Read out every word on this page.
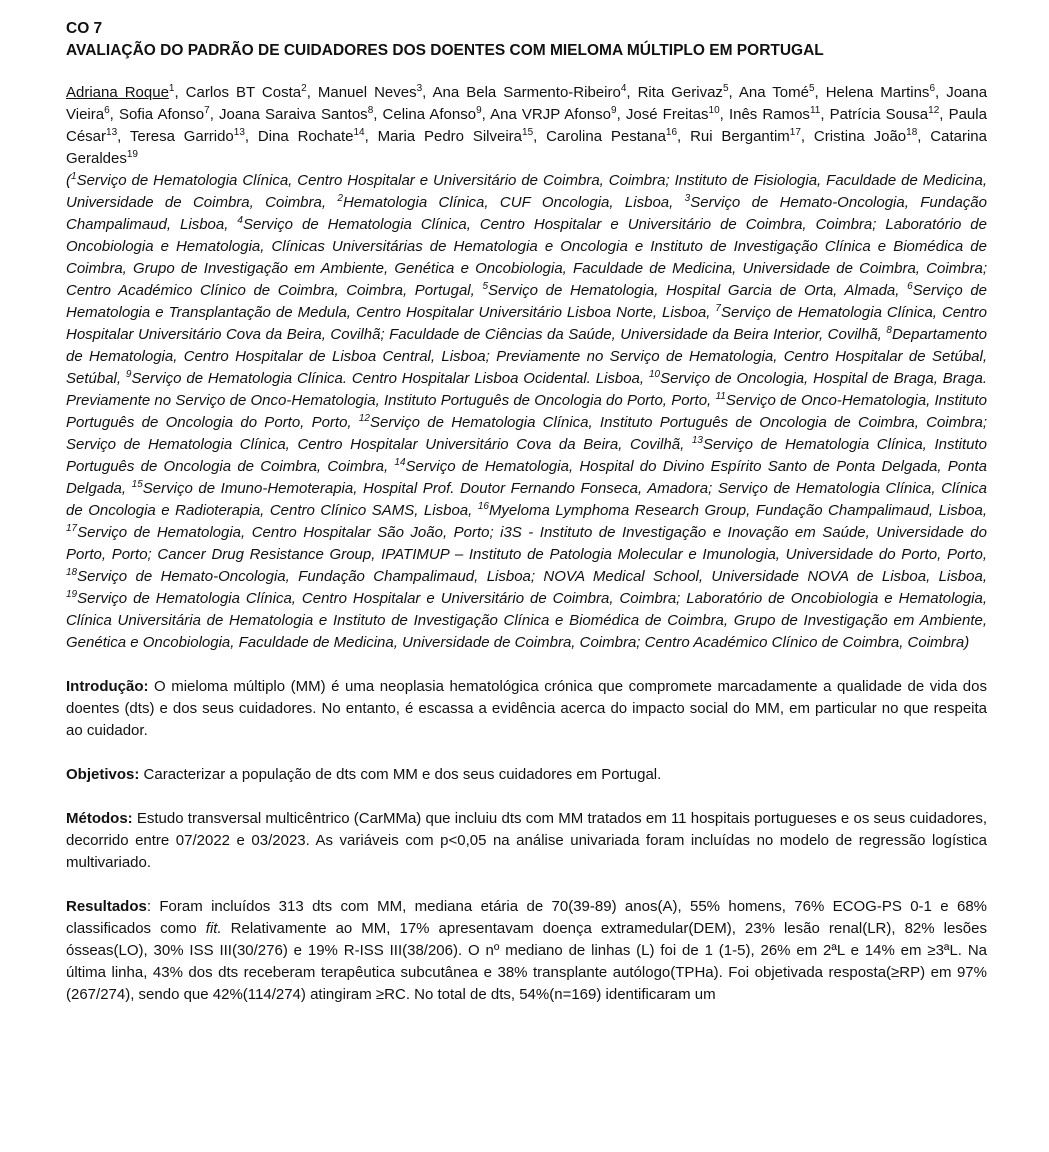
CO 7

AVALIAÇÃO DO PADRÃO DE CUIDADORES DOS DOENTES COM MIELOMA MÚLTIPLO EM PORTUGAL

Adriana Roque$^1$, Carlos BT Costa$^2$, Manuel Neves$^3$, Ana Bela Sarmento-Ribeiro$^4$, Rita Gerivaz$^5$, Ana Tomé$^5$, Helena Martins$^6$, Joana Vieira$^6$, Sofia Afonso$^7$, Joana Saraiva Santos$^8$, Celina Afonso$^9$, Ana VRJP Afonso$^9$, José Freitas$^{10}$, Inês Ramos$^{11}$, Patrícia Sousa$^{12}$, Paula César$^{13}$, Teresa Garrido$^{13}$, Dina Rochate$^{14}$, Maria Pedro Silveira$^{15}$, Carolina Pestana$^{16}$, Rui Bergantim$^{17}$, Cristina João$^{18}$, Catarina Geraldes$^{19}$

($^1$Serviço de Hematologia Clínica, Centro Hospitalar e Universitário de Coimbra, Coimbra; Instituto de Fisiologia, Faculdade de Medicina, Universidade de Coimbra, Coimbra, $^2$Hematologia Clínica, CUF Oncologia, Lisboa, $^3$Serviço de Hemato-Oncologia, Fundação Champalimaud, Lisboa, $^4$Serviço de Hematologia Clínica, Centro Hospitalar e Universitário de Coimbra, Coimbra; Laboratório de Oncobiologia e Hematologia, Clínicas Universitárias de Hematologia e Oncologia e Instituto de Investigação Clínica e Biomédica de Coimbra, Grupo de Investigação em Ambiente, Genética e Oncobiologia, Faculdade de Medicina, Universidade de Coimbra, Coimbra; Centro Académico Clínico de Coimbra, Coimbra, Portugal, $^5$Serviço de Hematologia, Hospital Garcia de Orta, Almada, $^6$Serviço de Hematologia e Transplantação de Medula, Centro Hospitalar Universitário Lisboa Norte, Lisboa, $^7$Serviço de Hematologia Clínica, Centro Hospitalar Universitário Cova da Beira, Covilhã; Faculdade de Ciências da Saúde, Universidade da Beira Interior, Covilhã, $^8$Departamento de Hematologia, Centro Hospitalar de Lisboa Central, Lisboa; Previamente no Serviço de Hematologia, Centro Hospitalar de Setúbal, Setúbal, $^9$Serviço de Hematologia Clínica. Centro Hospitalar Lisboa Ocidental. Lisboa, $^{10}$Serviço de Oncologia, Hospital de Braga, Braga. Previamente no Serviço de Onco-Hematologia, Instituto Português de Oncologia do Porto, Porto, $^{11}$Serviço de Onco-Hematologia, Instituto Português de Oncologia do Porto, Porto, $^{12}$Serviço de Hematologia Clínica, Instituto Português de Oncologia de Coimbra, Coimbra; Serviço de Hematologia Clínica, Centro Hospitalar Universitário Cova da Beira, Covilhã, $^{13}$Serviço de Hematologia Clínica, Instituto Português de Oncologia de Coimbra, Coimbra, $^{14}$Serviço de Hematologia, Hospital do Divino Espírito Santo de Ponta Delgada, Ponta Delgada, $^{15}$Serviço de Imuno-Hemoterapia, Hospital Prof. Doutor Fernando Fonseca, Amadora; Serviço de Hematologia Clínica, Clínica de Oncologia e Radioterapia, Centro Clínico SAMS, Lisboa, $^{16}$Myeloma Lymphoma Research Group, Fundação Champalimaud, Lisboa, $^{17}$Serviço de Hematologia, Centro Hospitalar São João, Porto; i3S - Instituto de Investigação e Inovação em Saúde, Universidade do Porto, Porto; Cancer Drug Resistance Group, IPATIMUP – Instituto de Patologia Molecular e Imunologia, Universidade do Porto, Porto, $^{18}$Serviço de Hemato-Oncologia, Fundação Champalimaud, Lisboa; NOVA Medical School, Universidade NOVA de Lisboa, Lisboa, $^{19}$Serviço de Hematologia Clínica, Centro Hospitalar e Universitário de Coimbra, Coimbra; Laboratório de Oncobiologia e Hematologia, Clínica Universitária de Hematologia e Instituto de Investigação Clínica e Biomédica de Coimbra, Grupo de Investigação em Ambiente, Genética e Oncobiologia, Faculdade de Medicina, Universidade de Coimbra, Coimbra; Centro Académico Clínico de Coimbra, Coimbra)

Introdução: O mieloma múltiplo (MM) é uma neoplasia hematológica crónica que compromete marcadamente a qualidade de vida dos doentes (dts) e dos seus cuidadores. No entanto, é escassa a evidência acerca do impacto social do MM, em particular no que respeita ao cuidador.

Objetivos: Caracterizar a população de dts com MM e dos seus cuidadores em Portugal.

Métodos: Estudo transversal multicêntrico (CarMMa) que incluiu dts com MM tratados em 11 hospitais portugueses e os seus cuidadores, decorrido entre 07/2022 e 03/2023. As variáveis com p<0,05 na análise univariada foram incluídas no modelo de regressão logística multivariado.

Resultados: Foram incluídos 313 dts com MM, mediana etária de 70(39-89) anos(A), 55% homens, 76% ECOG-PS 0-1 e 68% classificados como fit. Relativamente ao MM, 17% apresentavam doença extramedular(DEM), 23% lesão renal(LR), 82% lesões ósseas(LO), 30% ISS III(30/276) e 19% R-ISS III(38/206). O nº mediano de linhas (L) foi de 1 (1-5), 26% em 2ªL e 14% em ≥3ªL. Na última linha, 43% dos dts receberam terapêutica subcutânea e 38% transplante autólogo(TPHa). Foi objetivada resposta(≥RP) em 97%(267/274), sendo que 42%(114/274) atingiram ≥RC. No total de dts, 54%(n=169) identificaram um
